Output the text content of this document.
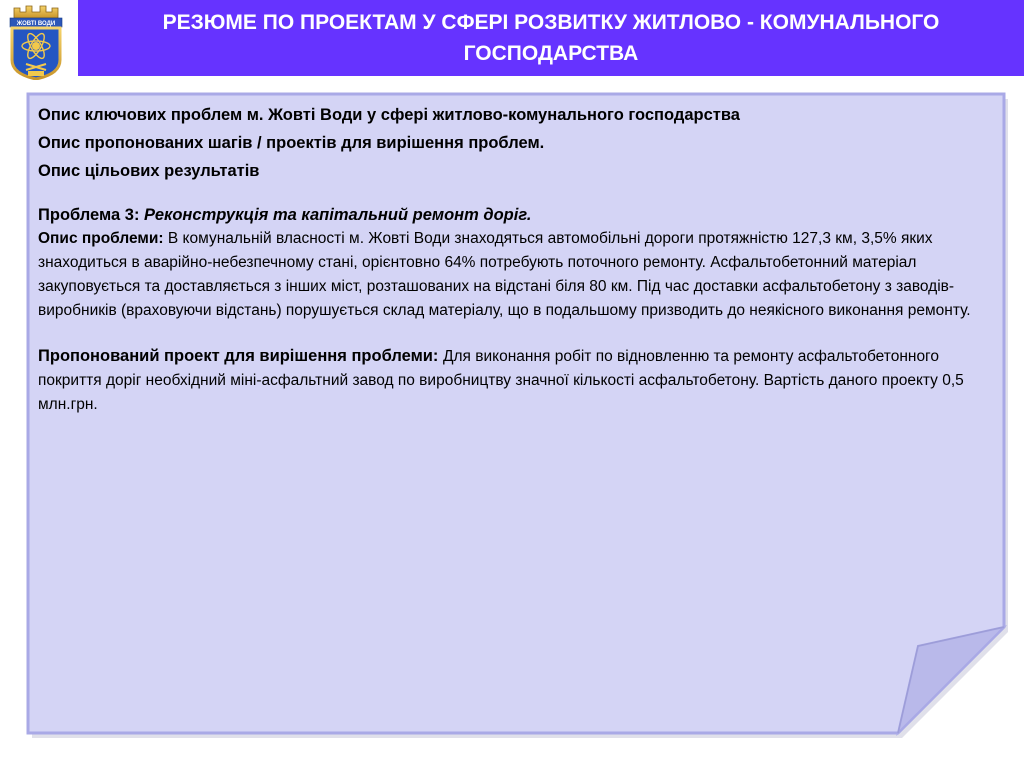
ЖОВТІ ВОДИ	РЕЗЮМЕ ПО ПРОЕКТАМ У СФЕРІ РОЗВИТКУ ЖИТЛОВО - КОМУНАЛЬНОГО
ГОСПОДАРСТВА
Опис ключових проблем м. Жовті Води у сфері житлово-комунального господарства
Опис пропонованих шагів / проектів для вирішення проблем.
Опис цільових результатів
Проблема 3: Реконструкція та капітальний ремонт доріг.
Опис проблеми: В комунальній власності м. Жовті Води знаходяться автомобільні дороги протяжністю 127,3 км, 3,5% яких знаходиться в аварійно-небезпечному стані, орієнтовно 64% потребують поточного ремонту. Асфальтобетонний матеріал закуповується та доставляється з інших міст, розташованих на відстані біля 80 км. Під час доставки асфальтобетону з заводів-виробників (враховуючи відстань) порушується склад матеріалу, що в подальшому призводить до неякісного виконання ремонту.
Пропонований проект для вирішення проблеми: Для виконання робіт по відновленню та ремонту асфальтобетонного покриття доріг необхідний міні-асфальтний завод по виробництву значної кількості асфальтобетону. Вартість даного проекту 0,5 млн.грн.
